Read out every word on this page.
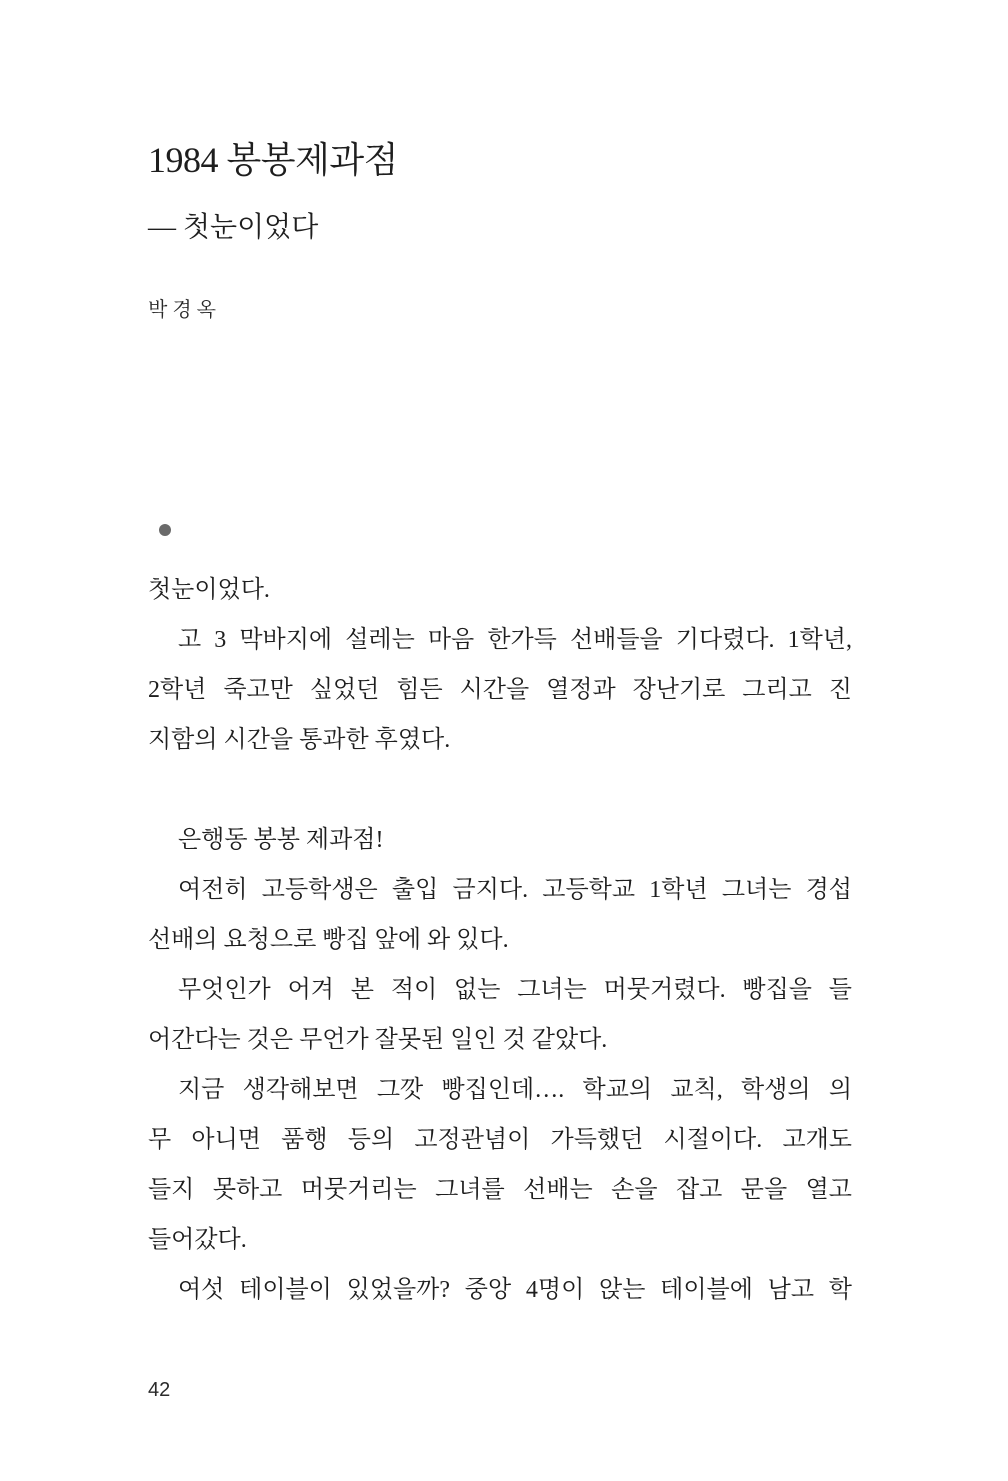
1984 봉봉제과점
― 첫눈이었다
박경옥
첫눈이었다.
고 3 막바지에 설레는 마음 한가득 선배들을 기다렸다. 1학년,
2학년 죽고만 싶었던 힘든 시간을 열정과 장난기로 그리고 진
지함의 시간을 통과한 후였다.
은행동 봉봉 제과점!
여전히 고등학생은 출입 금지다. 고등학교 1학년 그녀는 경섭
선배의 요청으로 빵집 앞에 와 있다.
무엇인가 어겨 본 적이 없는 그녀는 머뭇거렸다. 빵집을 들
어간다는 것은 무언가 잘못된 일인 것 같았다.
지금 생각해보면 그깟 빵집인데…. 학교의 교칙, 학생의 의
무 아니면 품행 등의 고정관념이 가득했던 시절이다. 고개도
들지 못하고 머뭇거리는 그녀를 선배는 손을 잡고 문을 열고
들어갔다.
여섯 테이블이 있었을까? 중앙 4명이 앉는 테이블에 남고 학
42
